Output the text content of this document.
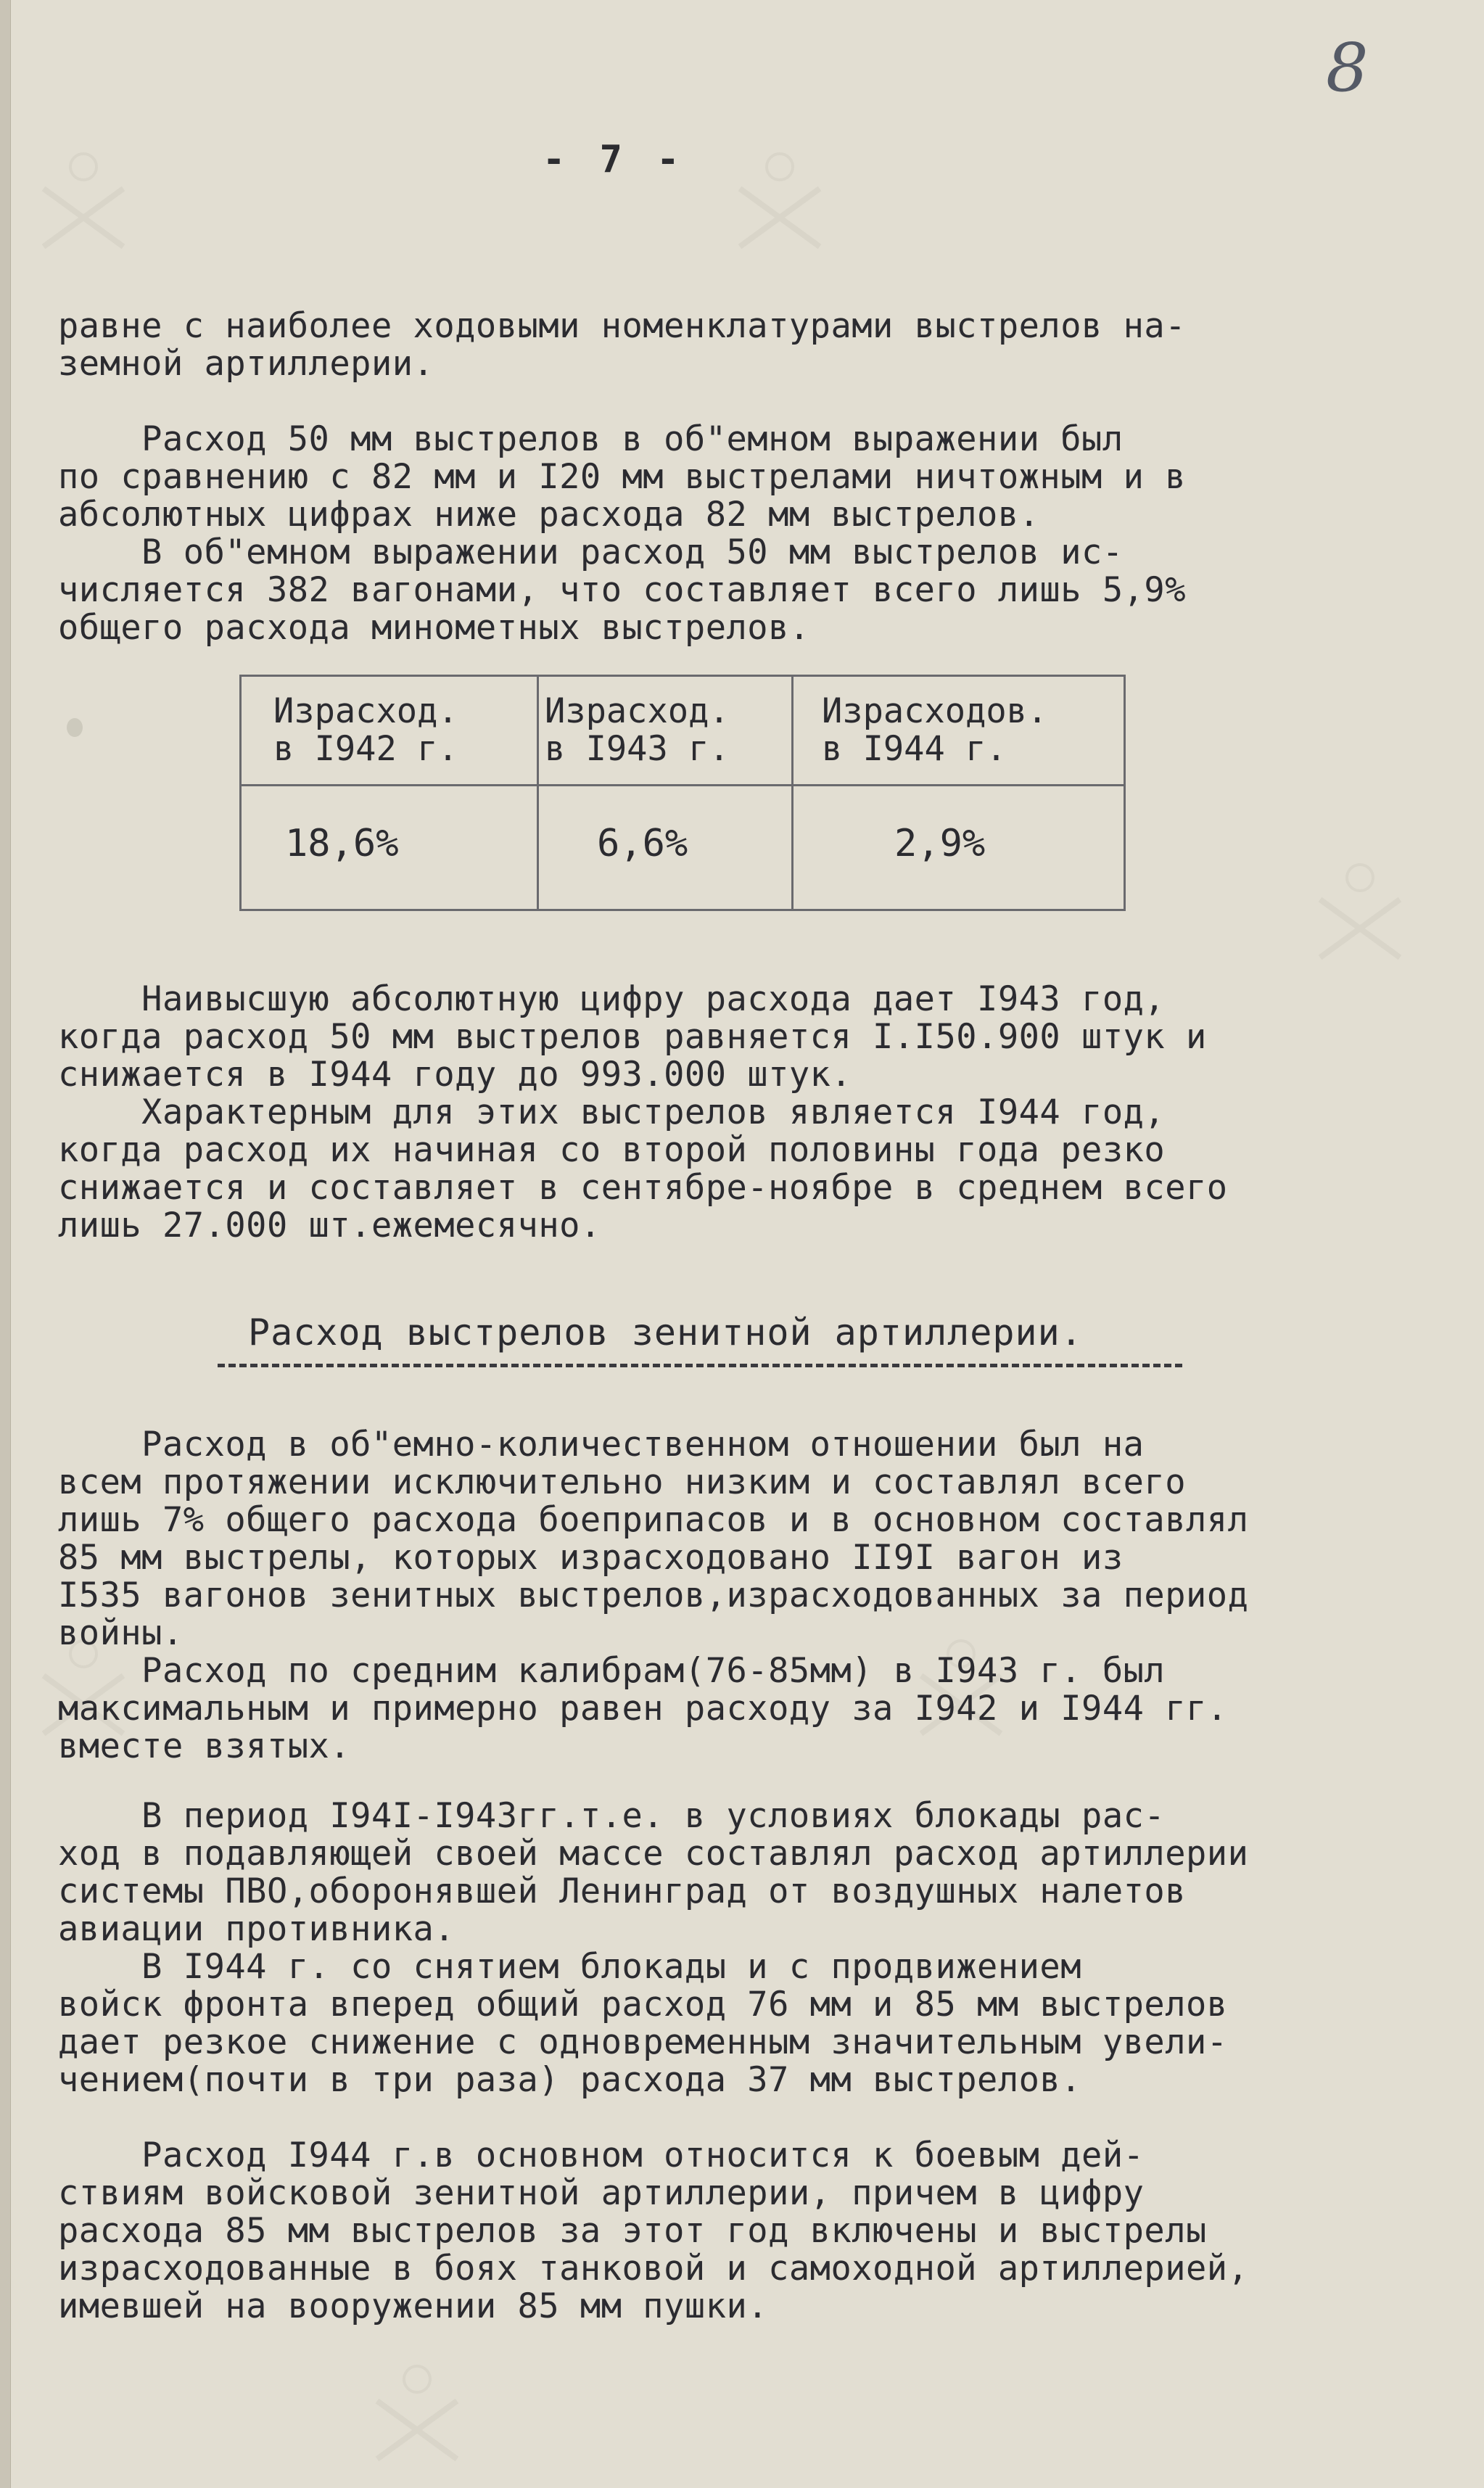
8
- 7 -
равне с наиболее ходовыми номенклатурами выстрелов на-
земной артиллерии.
Расход 50 мм выстрелов в об"емном выражении был
по сравнению с 82 мм и I20 мм выстрелами ничтожным и в
абсолютных цифрах ниже расхода 82 мм выстрелов.
В об"емном выражении расход 50 мм выстрелов ис-
числяется 382 вагонами, что составляет всего лишь 5,9%
общего расхода минометных выстрелов.
Израсход.
в I942 г.
Израсход.
в I943 г.
Израсходов.
в I944 г.
18,6%	6,6%	2,9%
Наивысшую абсолютную цифру расхода дает I943 год,
когда расход 50 мм выстрелов равняется I.I50.900 штук и
снижается в I944 году до 993.000 штук.
Характерным для этих выстрелов является I944 год,
когда расход их начиная со второй половины года резко
снижается и составляет в сентябре-ноябре в среднем всего
лишь 27.000 шт.ежемесячно.
Расход выстрелов зенитной артиллерии.
Расход в об"емно-количественном отношении был на
всем протяжении исключительно низким и составлял всего
лишь 7% общего расхода боеприпасов и в основном составлял
85 мм выстрелы, которых израсходовано II9I вагон из
I535 вагонов зенитных выстрелов,израсходованных за период
войны.
Расход по средним калибрам(76-85мм) в I943 г. был
максимальным и примерно равен расходу за I942 и I944 гг.
вместе взятых.
В период I94I-I943гг.т.е. в условиях блокады рас-
ход в подавляющей своей массе составлял расход артиллерии
системы ПВО,оборонявшей Ленинград от воздушных налетов
авиации противника.
В I944 г. со снятием блокады и с продвижением
войск фронта вперед общий расход 76 мм и 85 мм выстрелов
дает резкое снижение с одновременным значительным увели-
чением(почти в три раза) расхода 37 мм выстрелов.
Расход I944 г.в основном относится к боевым дей-
ствиям войсковой зенитной артиллерии, причем в цифру
расхода 85 мм выстрелов за этот год включены и выстрелы
израсходованные в боях танковой и самоходной артиллерией,
имевшей на вооружении 85 мм пушки.
